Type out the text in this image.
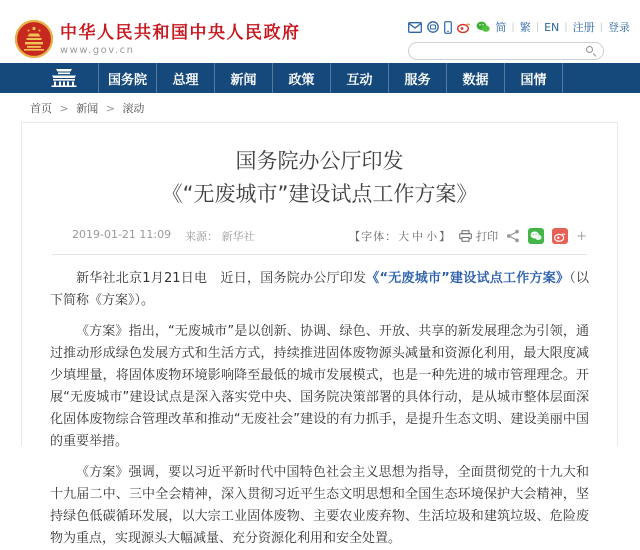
中华人民共和国中央人民政府
www.gov.cn
简 | 繁 | EN | 注册 | 登录
国务院	总理	新闻	政策	互动	服务	数据	国情
首页 > 新闻 > 滚动
国务院办公厅印发
《“无废城市”建设试点工作方案》
2019-01-21 11:09 来源： 新华社	【字体：大 中 小】 打印	+

新华社北京1月21日电　近日，国务院办公厅印发《“无废城市”建设试点工作方案》（以下简称《方案》）。

《方案》指出，“无废城市”是以创新、协调、绿色、开放、共享的新发展理念为引领，通过推动形成绿色发展方式和生活方式，持续推进固体废物源头减量和资源化利用，最大限度减少填埋量，将固体废物环境影响降至最低的城市发展模式，也是一种先进的城市管理理念。开展“无废城市”建设试点是深入落实党中央、国务院决策部署的具体行动，是从城市整体层面深化固体废物综合管理改革和推动“无废社会”建设的有力抓手，是提升生态文明、建设美丽中国的重要举措。

《方案》强调，要以习近平新时代中国特色社会主义思想为指导，全面贯彻党的十九大和十九届二中、三中全会精神，深入贯彻习近平生态文明思想和全国生态环境保护大会精神，坚持绿色低碳循环发展，以大宗工业固体废物、主要农业废弃物、生活垃圾和建筑垃圾、危险废物为重点，实现源头大幅减量、充分资源化利用和安全处置。
